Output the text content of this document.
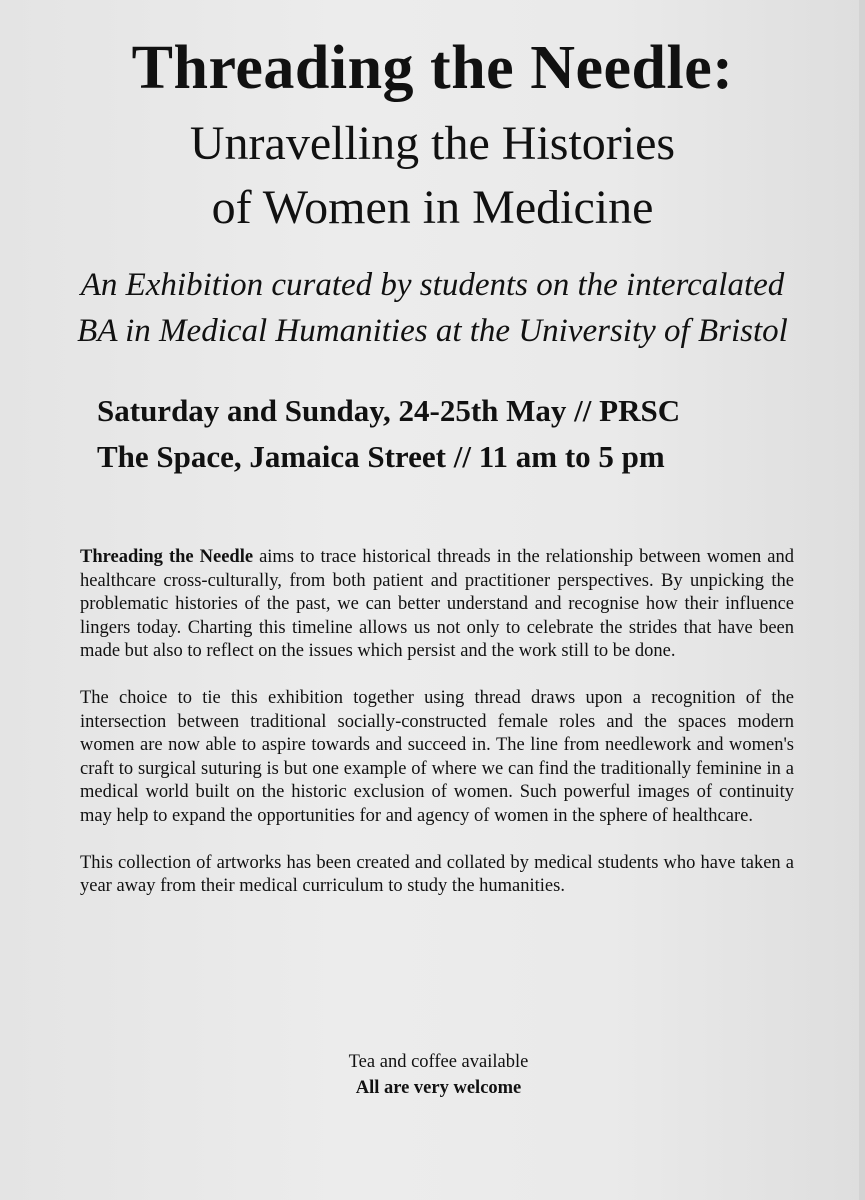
Threading the Needle:
Unravelling the Histories
of Women in Medicine
An Exhibition curated by students on the intercalated
BA in Medical Humanities at the University of Bristol
Saturday and Sunday, 24-25th May // PRSC
The Space, Jamaica Street // 11 am to 5 pm

Threading the Needle aims to trace historical threads in the relationship between women and healthcare cross-culturally, from both patient and practitioner perspectives. By unpicking the problematic histories of the past, we can better understand and recognise how their influence lingers today. Charting this timeline allows us not only to celebrate the strides that have been made but also to reflect on the issues which persist and the work still to be done.

The choice to tie this exhibition together using thread draws upon a recognition of the intersection between traditional socially-constructed female roles and the spaces modern women are now able to aspire towards and succeed in. The line from needlework and women's craft to surgical suturing is but one example of where we can find the traditionally feminine in a medical world built on the historic exclusion of women. Such powerful images of continuity may help to expand the opportunities for and agency of women in the sphere of healthcare.

This collection of artworks has been created and collated by medical students who have taken a year away from their medical curriculum to study the humanities.

Tea and coffee available
All are very welcome
